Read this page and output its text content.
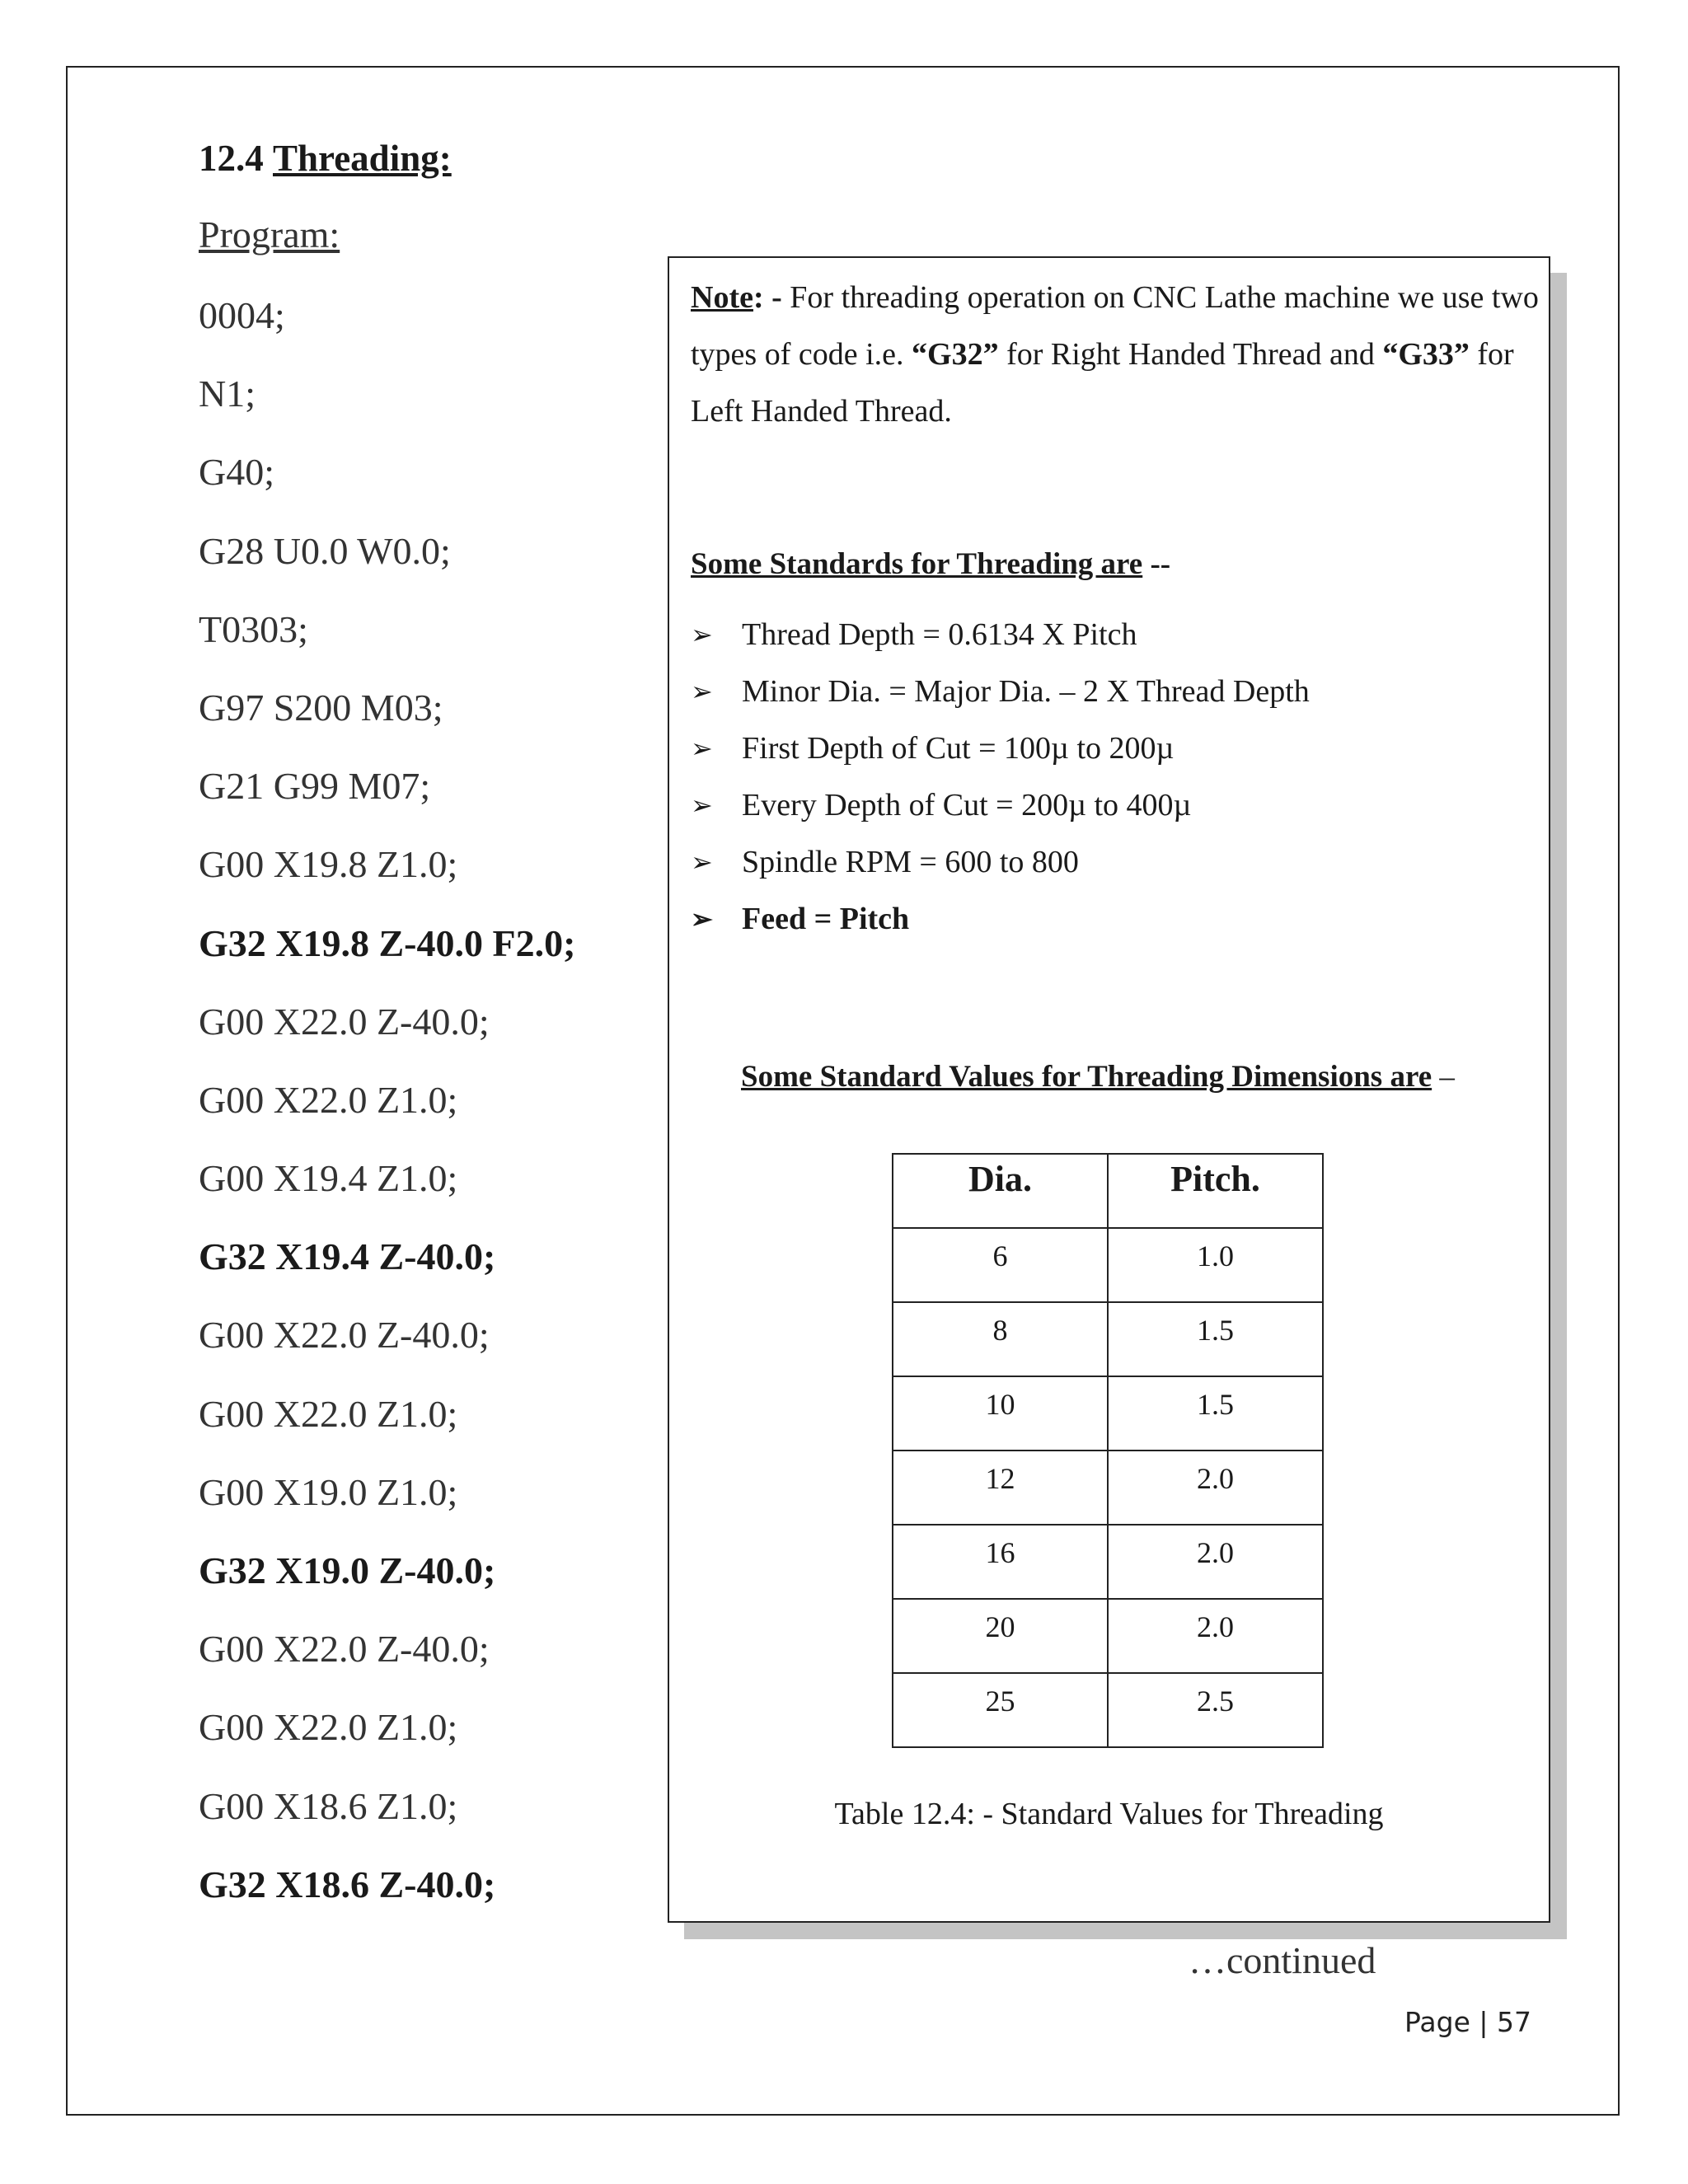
12.4 Threading:
Program:
0004;
N1;
G40;
G28 U0.0 W0.0;
T0303;
G97 S200 M03;
G21 G99 M07;
G00 X19.8 Z1.0;
G32 X19.8 Z-40.0 F2.0;
G00 X22.0 Z-40.0;
G00 X22.0 Z1.0;
G00 X19.4 Z1.0;
G32 X19.4 Z-40.0;
G00 X22.0 Z-40.0;
G00 X22.0 Z1.0;
G00 X19.0 Z1.0;
G32 X19.0 Z-40.0;
G00 X22.0 Z-40.0;
G00 X22.0 Z1.0;
G00 X18.6 Z1.0;
G32 X18.6 Z-40.0;
Note: - For threading operation on CNC Lathe machine we use two types of code i.e. “G32” for Right Handed Thread and “G33” for Left Handed Thread.
Some Standards for Threading are --
➢ Thread Depth = 0.6134 X Pitch
➢ Minor Dia. = Major Dia. – 2 X Thread Depth
➢ First Depth of Cut = 100µ to 200µ
➢ Every Depth of Cut = 200µ to 400µ
➢ Spindle RPM = 600 to 800
➢ Feed = Pitch
Some Standard Values for Threading Dimensions are –
Dia.	Pitch.
6	1.0
8	1.5
10	1.5
12	2.0
16	2.0
20	2.0
25	2.5
Table 12.4: - Standard Values for Threading
…continued
Page | 57
